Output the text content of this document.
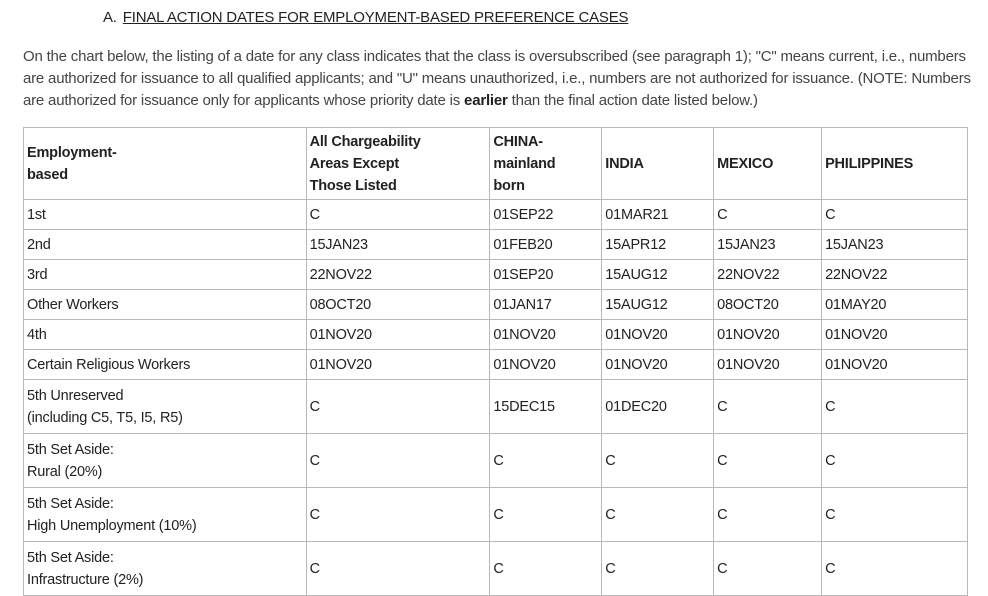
A. FINAL ACTION DATES FOR EMPLOYMENT-BASED PREFERENCE CASES
On the chart below, the listing of a date for any class indicates that the class is oversubscribed (see paragraph 1); "C" means current, i.e., numbers are authorized for issuance to all qualified applicants; and "U" means unauthorized, i.e., numbers are not authorized for issuance. (NOTE: Numbers are authorized for issuance only for applicants whose priority date is earlier than the final action date listed below.)
Employment-
based	All Chargeability
Areas Except
Those Listed	CHINA-
mainland
born	INDIA	MEXICO	PHILIPPINES
1st	C	01SEP22	01MAR21	C	C
2nd	15JAN23	01FEB20	15APR12	15JAN23	15JAN23
3rd	22NOV22	01SEP20	15AUG12	22NOV22	22NOV22
Other Workers	08OCT20	01JAN17	15AUG12	08OCT20	01MAY20
4th	01NOV20	01NOV20	01NOV20	01NOV20	01NOV20
Certain Religious Workers	01NOV20	01NOV20	01NOV20	01NOV20	01NOV20
5th Unreserved
(including C5, T5, I5, R5)	C	15DEC15	01DEC20	C	C
5th Set Aside:
Rural (20%)	C	C	C	C	C
5th Set Aside:
High Unemployment (10%)	C	C	C	C	C
5th Set Aside:
Infrastructure (2%)	C	C	C	C	C
